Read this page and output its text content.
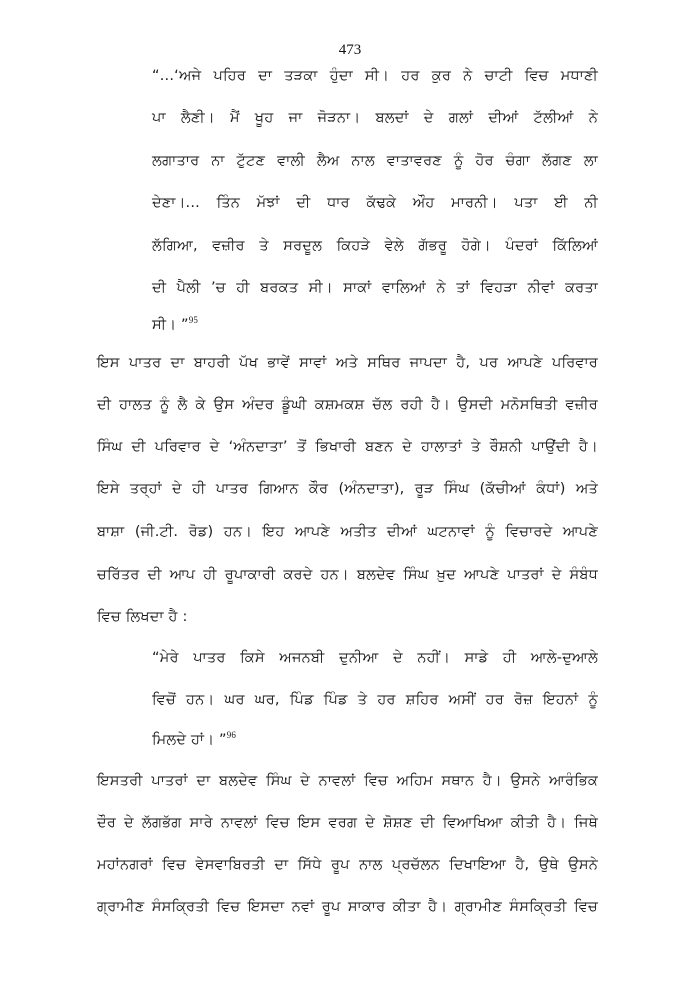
473
“...‘ਅਜੇ ਪਹਿਰ ਦਾ ਤੜਕਾ ਹੁੰਦਾ ਸੀ। ਹਰ ਕੁਰ ਨੇ ਚਾਟੀ ਵਿਚ ਮਧਾਣੀ
ਪਾ ਲੈਣੀ। ਮੈਂ ਖੂਹ ਜਾ ਜੋੜਨਾ। ਬਲਦਾਂ ਦੇ ਗਲਾਂ ਦੀਆਂ ਟੱਲੀਆਂ ਨੇ
ਲਗਾਤਾਰ ਨਾ ਟੁੱਟਣ ਵਾਲੀ ਲੈਅ ਨਾਲ ਵਾਤਾਵਰਣ ਨੂੰ ਹੋਰ ਚੰਗਾ ਲੱਗਣ ਲਾ
ਦੇਣਾ।... ਤਿੰਨ ਮੱਝਾਂ ਦੀ ਧਾਰ ਕੱਢਕੇ ਔਹ ਮਾਰਨੀ। ਪਤਾ ਈ ਨੀ
ਲੱਗਿਆ, ਵਜ਼ੀਰ ਤੇ ਸਰਦੂਲ ਕਿਹੜੇ ਵੇਲੇ ਗੱਭਰੂ ਹੋਗੇ। ਪੰਦਰਾਂ ਕਿੱਲਿਆਂ
ਦੀ ਪੈਲੀ ’ਚ ਹੀ ਬਰਕਤ ਸੀ। ਸਾਕਾਂ ਵਾਲਿਆਂ ਨੇ ਤਾਂ ਵਿਹੜਾ ਨੀਵਾਂ ਕਰਤਾ
ਸੀ। ”$^{95}$
ਇਸ ਪਾਤਰ ਦਾ ਬਾਹਰੀ ਪੱਖ ਭਾਵੇਂ ਸਾਵਾਂ ਅਤੇ ਸਥਿਰ ਜਾਪਦਾ ਹੈ, ਪਰ ਆਪਣੇ ਪਰਿਵਾਰ
ਦੀ ਹਾਲਤ ਨੂੰ ਲੈ ਕੇ ਉਸ ਅੰਦਰ ਡੂੰਘੀ ਕਸ਼ਮਕਸ਼ ਚੱਲ ਰਹੀ ਹੈ। ਉਸਦੀ ਮਨੋਸਥਿਤੀ ਵਜ਼ੀਰ
ਸਿੰਘ ਦੀ ਪਰਿਵਾਰ ਦੇ ‘ਅੰਨਦਾਤਾ’ ਤੋਂ ਭਿਖਾਰੀ ਬਣਨ ਦੇ ਹਾਲਾਤਾਂ ਤੇ ਰੌਸ਼ਨੀ ਪਾਉਂਦੀ ਹੈ।
ਇਸੇ ਤਰ੍ਹਾਂ ਦੇ ਹੀ ਪਾਤਰ ਗਿਆਨ ਕੌਰ (ਅੰਨਦਾਤਾ), ਰੂੜ ਸਿੰਘ (ਕੱਚੀਆਂ ਕੰਧਾਂ) ਅਤੇ
ਬਾਸ਼ਾ (ਜੀ.ਟੀ. ਰੋਡ) ਹਨ। ਇਹ ਆਪਣੇ ਅਤੀਤ ਦੀਆਂ ਘਟਨਾਵਾਂ ਨੂੰ ਵਿਚਾਰਦੇ ਆਪਣੇ
ਚਰਿੱਤਰ ਦੀ ਆਪ ਹੀ ਰੂਪਾਕਾਰੀ ਕਰਦੇ ਹਨ। ਬਲਦੇਵ ਸਿੰਘ ਖ਼ੁਦ ਆਪਣੇ ਪਾਤਰਾਂ ਦੇ ਸੰਬੰਧ
ਵਿਚ ਲਿਖਦਾ ਹੈ :
“ਮੇਰੇ ਪਾਤਰ ਕਿਸੇ ਅਜਨਬੀ ਦੁਨੀਆ ਦੇ ਨਹੀਂ। ਸਾਡੇ ਹੀ ਆਲੇ-ਦੁਆਲੇ
ਵਿਚੋਂ ਹਨ। ਘਰ ਘਰ, ਪਿੰਡ ਪਿੰਡ ਤੇ ਹਰ ਸ਼ਹਿਰ ਅਸੀਂ ਹਰ ਰੋਜ਼ ਇਹਨਾਂ ਨੂੰ
ਮਿਲਦੇ ਹਾਂ। ”$^{96}$
ਇਸਤਰੀ ਪਾਤਰਾਂ ਦਾ ਬਲਦੇਵ ਸਿੰਘ ਦੇ ਨਾਵਲਾਂ ਵਿਚ ਅਹਿਮ ਸਥਾਨ ਹੈ। ਉਸਨੇ ਆਰੰਭਿਕ
ਦੌਰ ਦੇ ਲੱਗਭੱਗ ਸਾਰੇ ਨਾਵਲਾਂ ਵਿਚ ਇਸ ਵਰਗ ਦੇ ਸ਼ੋਸ਼ਣ ਦੀ ਵਿਆਖਿਆ ਕੀਤੀ ਹੈ। ਜਿਥੇ
ਮਹਾਂਨਗਰਾਂ ਵਿਚ ਵੇਸਵਾਬਿਰਤੀ ਦਾ ਸਿੱਧੇ ਰੂਪ ਨਾਲ ਪ੍ਰਚੱਲਨ ਦਿਖਾਇਆ ਹੈ, ਉਥੇ ਉਸਨੇ
ਗ੍ਰਾਮੀਣ ਸੰਸਕ੍ਰਿਤੀ ਵਿਚ ਇਸਦਾ ਨਵਾਂ ਰੂਪ ਸਾਕਾਰ ਕੀਤਾ ਹੈ। ਗ੍ਰਾਮੀਣ ਸੰਸਕ੍ਰਿਤੀ ਵਿਚ
